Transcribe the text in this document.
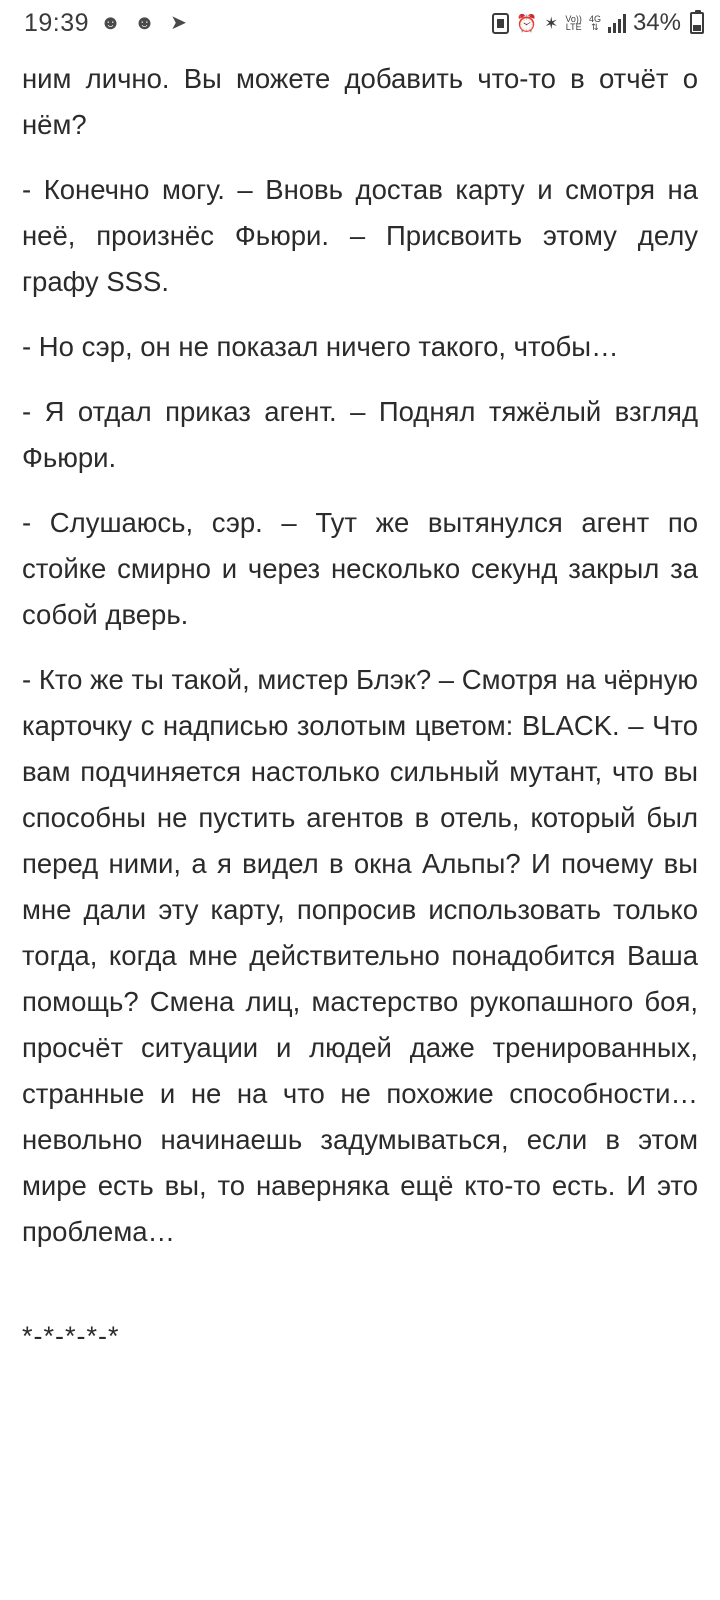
19:39 ☻ ☻ ➤	⏰ ✶ Vo))
LTE
4G
⇅ 34%

ним лично. Вы можете добавить что-то в отчёт о нём?

- Конечно могу. – Вновь достав карту и смотря на неё, произнёс Фьюри. – Присвоить этому делу графу SSS.

- Но сэр, он не показал ничего такого, чтобы…

- Я отдал приказ агент. – Поднял тяжёлый взгляд Фьюри.

- Слушаюсь, сэр. – Тут же вытянулся агент по стойке смирно и через несколько секунд закрыл за собой дверь.

- Кто же ты такой, мистер Блэк? – Смотря на чёрную карточку с надписью золотым цветом: BLACK. – Что вам подчиняется настолько сильный мутант, что вы способны не пустить агентов в отель, который был перед ними, а я видел в окна Альпы? И почему вы мне дали эту карту, попросив использовать только тогда, когда мне действительно понадобится Ваша помощь? Смена лиц, мастерство рукопашного боя, просчёт ситуации и людей даже тренированных, странные и не на что не похожие способности… невольно начинаешь задумываться, если в этом мире есть вы, то наверняка ещё кто-то есть. И это проблема…

*-*-*-*-*
